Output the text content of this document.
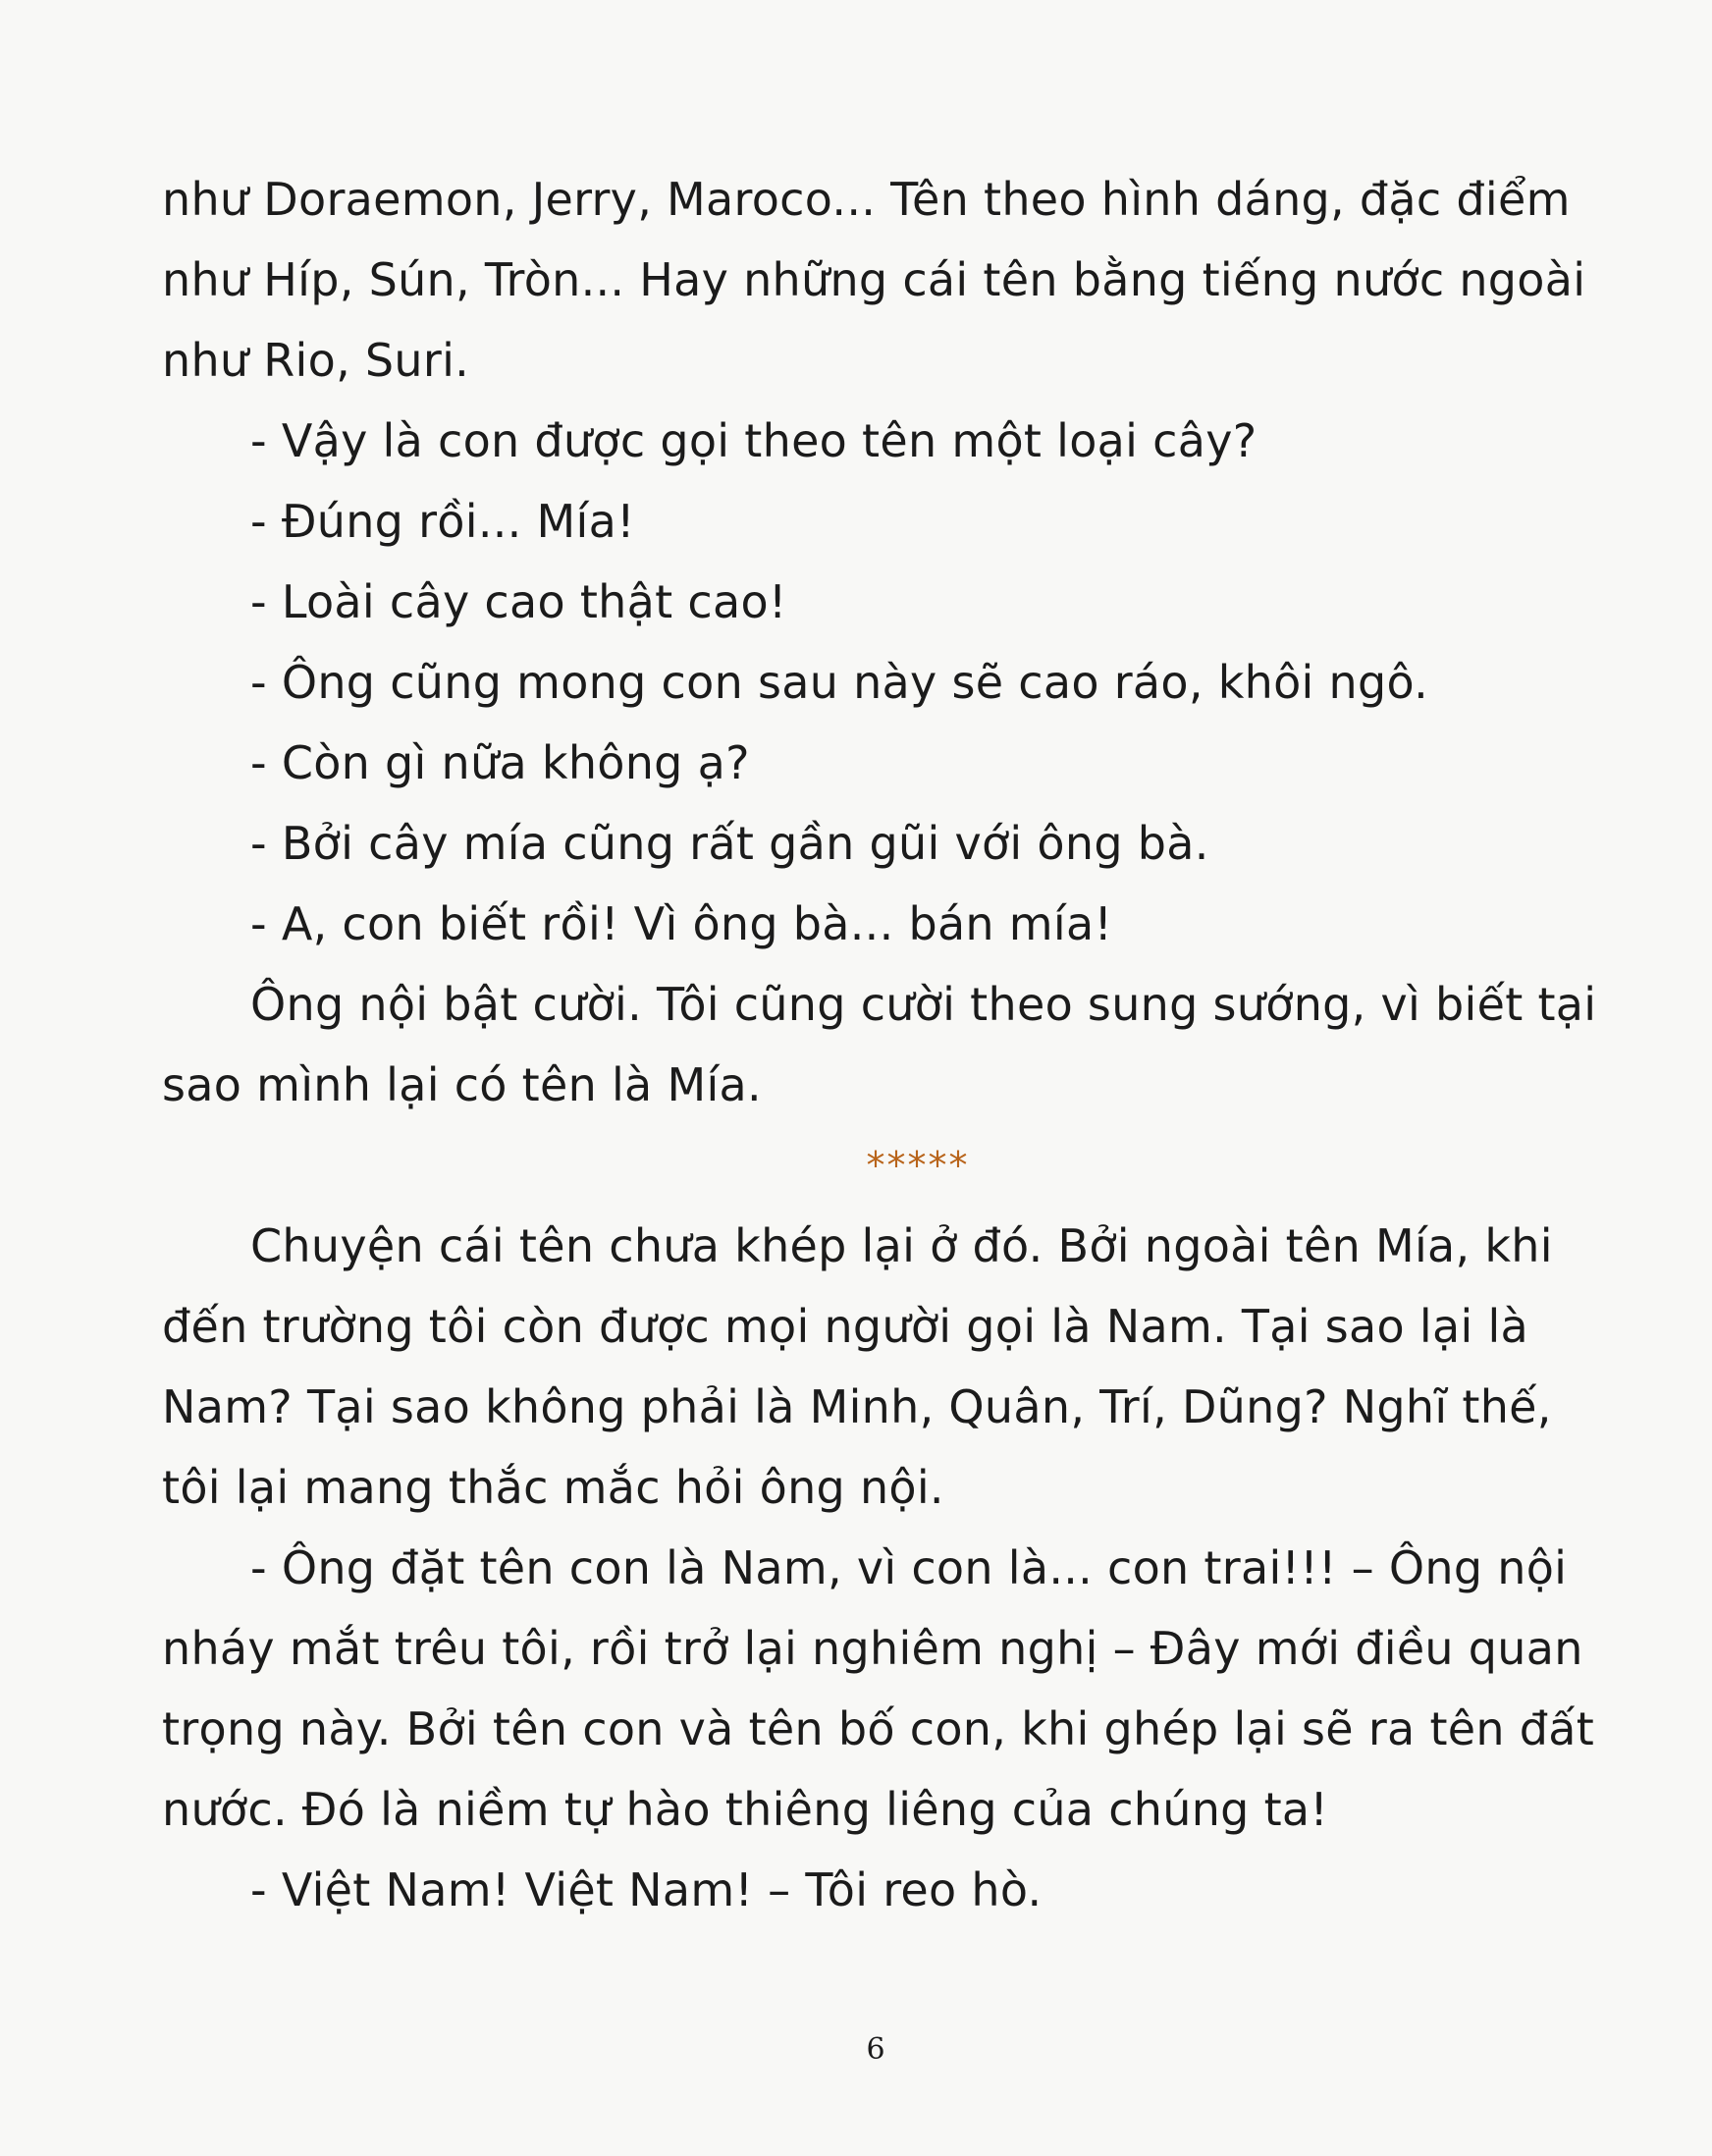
như Doraemon, Jerry, Maroco... Tên theo hình dáng, đặc điểm
như Híp, Sún, Tròn... Hay những cái tên bằng tiếng nước ngoài
như Rio, Suri.
- Vậy là con được gọi theo tên một loại cây?
- Đúng rồi... Mía!
- Loài cây cao thật cao!
- Ông cũng mong con sau này sẽ cao ráo, khôi ngô.
- Còn gì nữa không ạ?
- Bởi cây mía cũng rất gần gũi với ông bà.
- A, con biết rồi! Vì ông bà... bán mía!
Ông nội bật cười. Tôi cũng cười theo sung sướng, vì biết tại
sao mình lại có tên là Mía.
*****
Chuyện cái tên chưa khép lại ở đó. Bởi ngoài tên Mía, khi
đến trường tôi còn được mọi người gọi là Nam. Tại sao lại là
Nam? Tại sao không phải là Minh, Quân, Trí, Dũng? Nghĩ thế,
tôi lại mang thắc mắc hỏi ông nội.
- Ông đặt tên con là Nam, vì con là... con trai!!! – Ông nội
nháy mắt trêu tôi, rồi trở lại nghiêm nghị – Đây mới điều quan
trọng này. Bởi tên con và tên bố con, khi ghép lại sẽ ra tên đất
nước. Đó là niềm tự hào thiêng liêng của chúng ta!
- Việt Nam! Việt Nam! – Tôi reo hò.
6
